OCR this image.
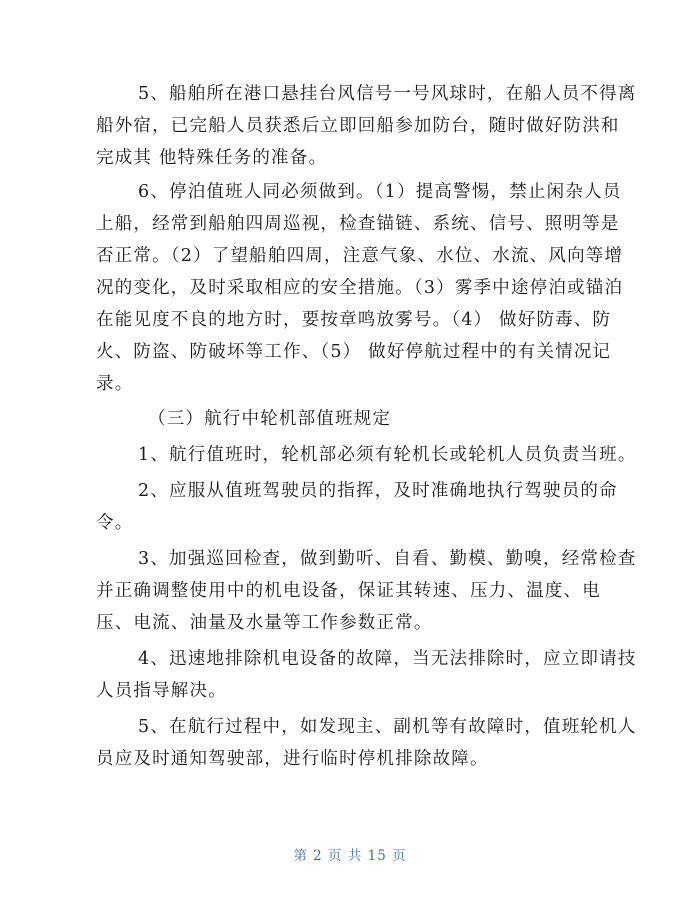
5、船舶所在港口悬挂台风信号一号风球时，在船人员不得离
船外宿，已完船人员获悉后立即回船参加防台，随时做好防洪和
完成其 他特殊任务的准备。
6、停泊值班人同必须做到。（1）提高警惕，禁止闲杂人员
上船，经常到船舶四周巡视，检查锚链、系统、信号、照明等是
否正常。（2）了望船舶四周，注意气象、水位、水流、风向等增
况的变化，及时采取相应的安全措施。（3）雾季中途停泊或锚泊
在能见度不良的地方时，要按章鸣放雾号。（4） 做好防毒、防
火、防盗、防破坏等工作、（5） 做好停航过程中的有关情况记
录。
（三）航行中轮机部值班规定
1、航行值班时，轮机部必须有轮机长或轮机人员负责当班。
2、应服从值班驾驶员的指挥，及时准确地执行驾驶员的命
令。
3、加强巡回检查，做到勤听、自看、勤模、勤嗅，经常检查
并正确调整使用中的机电设备，保证其转速、压力、温度、电
压、电流、油量及水量等工作参数正常。
4、迅速地排除机电设备的故障，当无法排除时，应立即请技
人员指导解决。
5、在航行过程中，如发现主、副机等有故障时，值班轮机人
员应及时通知驾驶部，进行临时停机排除故障。
第 2 页 共 15 页
